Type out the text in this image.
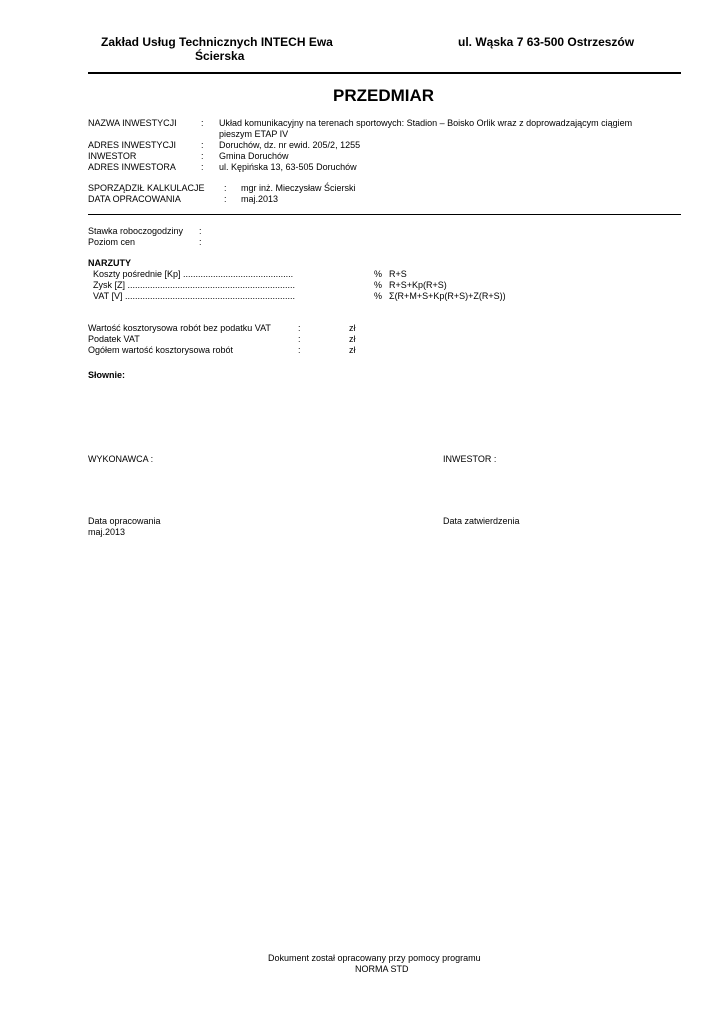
Zakład Usług Technicznych INTECH Ewa
Ścierska
ul. Wąska 7 63-500 Ostrzeszów
PRZEDMIAR
NAZWA INWESTYCJI	: Układ komunikacyjny na terenach sportowych: Stadion – Boisko Orlik wraz z doprowadzającym ciągiem
pieszym ETAP IV
ADRES INWESTYCJI	: Doruchów, dz. nr ewid. 205/2, 1255
INWESTOR	: Gmina Doruchów
ADRES INWESTORA	: ul. Kępińska 13, 63-505 Doruchów
SPORZĄDZIŁ KALKULACJE : mgr inż. Mieczysław Ścierski
DATA OPRACOWANIA	: maj.2013
Stawka roboczogodziny :
Poziom cen	:
NARZUTY
Koszty pośrednie [Kp] ............................................	% R+S
Zysk [Z] ...................................................................	% R+S+Kp(R+S)
VAT [V] ....................................................................	% Σ(R+M+S+Kp(R+S)+Z(R+S))
Wartość kosztorysowa robót bez podatku VAT	:	zł
Podatek VAT	:	zł
Ogółem wartość kosztorysowa robót	:	zł
Słownie:
WYKONAWCA :	INWESTOR :
Data opracowania
maj.2013
Data zatwierdzenia
Dokument został opracowany przy pomocy programu
NORMA STD
